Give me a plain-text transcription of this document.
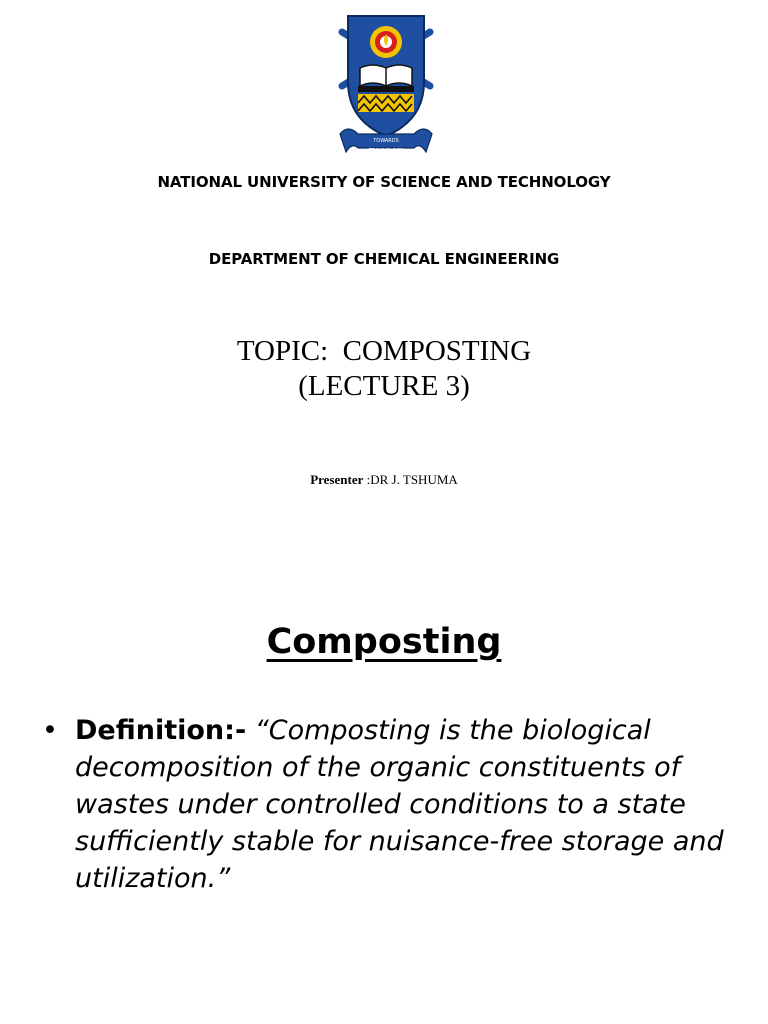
TOWARDS TECHNOLOGY
NATIONAL UNIVERSITY OF SCIENCE AND TECHNOLOGY
DEPARTMENT OF CHEMICAL ENGINEERING
TOPIC:  COMPOSTING
(LECTURE 3)
Presenter :DR J. TSHUMA
Composting
• Definition:- “Composting is the biological decomposition of the organic constituents of wastes under controlled conditions to a state sufficiently stable for nuisance-free storage and utilization.”
